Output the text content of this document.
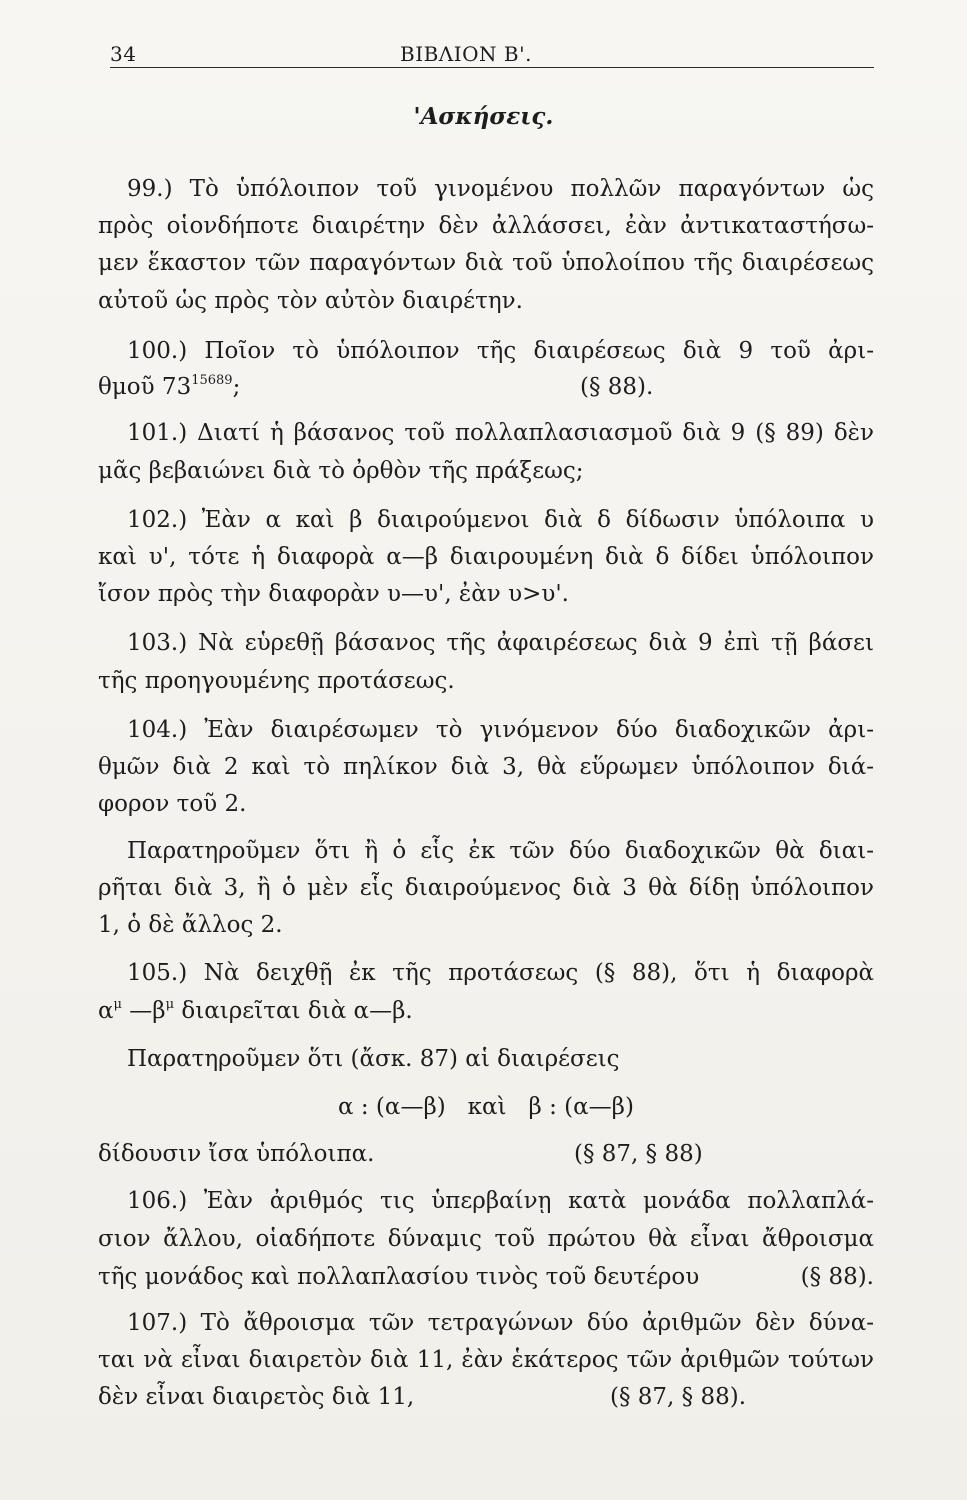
34	ΒΙΒΛΙΟΝ Β'.
'Ασκήσεις.
99.) Τὸ ὑπόλοιπον τοῦ γινομένου πολλῶν παραγόντων ὡς
πρὸς οἱονδήποτε διαιρέτην δὲν ἀλλάσσει, ἐὰν ἀντικαταστήσω-
μεν ἕκαστον τῶν παραγόντων διὰ τοῦ ὑπολοίπου τῆς διαιρέσεως
αὐτοῦ ὡς πρὸς τὸν αὐτὸν διαιρέτην.
100.) Ποῖον τὸ ὑπόλοιπον τῆς διαιρέσεως διὰ 9 τοῦ ἀρι-
θμοῦ $73^{15689}$;	(§ 88).
101.) Διατί ἡ βάσανος τοῦ πολλαπλασιασμοῦ διὰ 9 (§ 89) δὲν
μᾶς βεβαιώνει διὰ τὸ ὀρθὸν τῆς πράξεως;
102.) Ἐὰν α καὶ β διαιρούμενοι διὰ δ δίδωσιν ὑπόλοιπα υ
καὶ υ', τότε ἡ διαφορὰ α—β διαιρουμένη διὰ δ δίδει ὑπόλοιπον
ἴσον πρὸς τὴν διαφορὰν υ—υ', ἐὰν υ>υ'.
103.) Νὰ εὑρεθῇ βάσανος τῆς ἀφαιρέσεως διὰ 9 ἐπὶ τῇ βάσει
τῆς προηγουμένης προτάσεως.
104.) Ἐὰν διαιρέσωμεν τὸ γινόμενον δύο διαδοχικῶν ἀρι-
θμῶν διὰ 2 καὶ τὸ πηλίκον διὰ 3, θὰ εὕρωμεν ὑπόλοιπον διά-
φορον τοῦ 2.
Παρατηροῦμεν ὅτι ἢ ὁ εἷς ἐκ τῶν δύο διαδοχικῶν θὰ διαι-
ρῆται διὰ 3, ἢ ὁ μὲν εἷς διαιρούμενος διὰ 3 θὰ δίδῃ ὑπόλοιπον
1, ὁ δὲ ἄλλος 2.
105.) Νὰ δειχθῇ ἐκ τῆς προτάσεως (§ 88), ὅτι ἡ διαφορὰ
$\alpha^\mu$ $—\beta^\mu$ διαιρεῖται διὰ α—β.
Παρατηροῦμεν ὅτι (ἄσκ. 87) αἱ διαιρέσεις
α : (α—β)   καὶ   β : (α—β)
δίδουσιν ἴσα ὑπόλοιπα.	(§ 87, § 88)
106.) Ἐὰν ἀριθμός τις ὑπερβαίνῃ κατὰ μονάδα πολλαπλά-
σιον ἄλλου, οἱαδήποτε δύναμις τοῦ πρώτου θὰ εἶναι ἄθροισμα
τῆς μονάδος καὶ πολλαπλασίου τινὸς τοῦ δευτέρου	(§ 88).
107.) Τὸ ἄθροισμα τῶν τετραγώνων δύο ἀριθμῶν δὲν δύνα-
ται νὰ εἶναι διαιρετὸν διὰ 11, ἐὰν ἑκάτερος τῶν ἀριθμῶν τούτων
δὲν εἶναι διαιρετὸς διὰ 11,	(§ 87, § 88).
